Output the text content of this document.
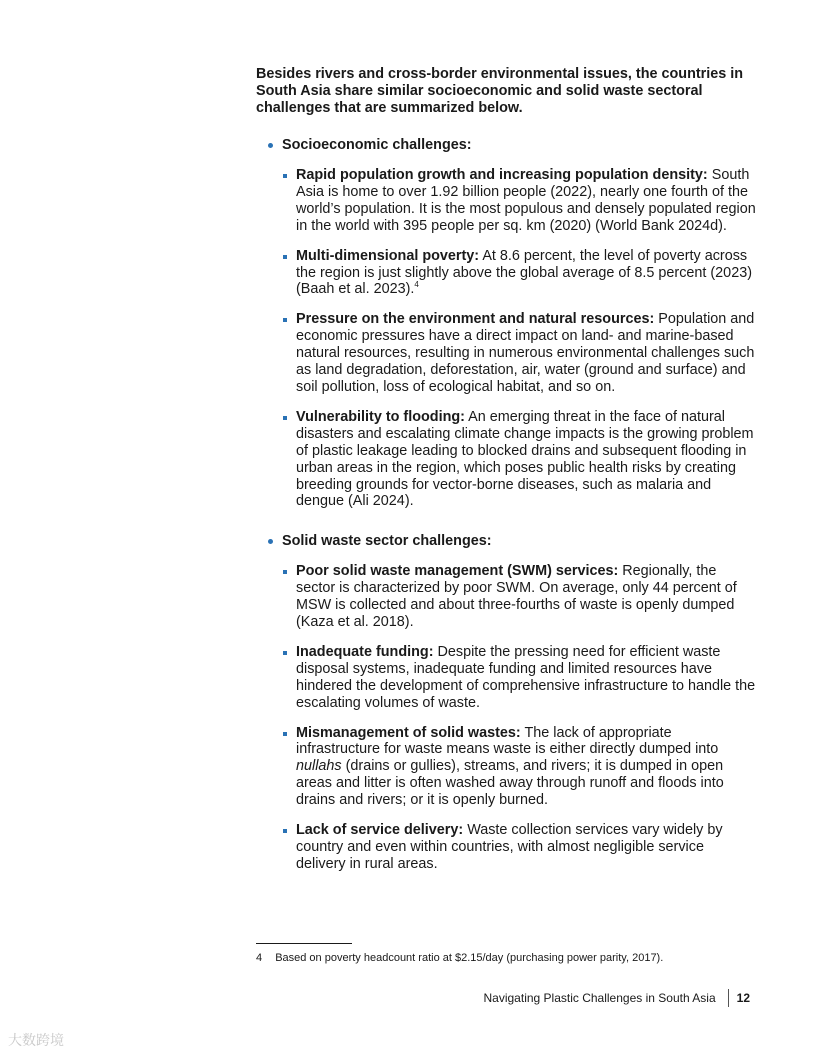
Besides rivers and cross-border environmental issues, the countries in South Asia share similar socioeconomic and solid waste sectoral challenges that are summarized below.

Socioeconomic challenges:
Rapid population growth and increasing population density: South Asia is home to over 1.92 billion people (2022), nearly one fourth of the world’s population. It is the most populous and densely populated region in the world with 395 people per sq. km (2020) (World Bank 2024d).
Multi-dimensional poverty: At 8.6 percent, the level of poverty across the region is just slightly above the global average of 8.5 percent (2023) (Baah et al. 2023).$^4$
Pressure on the environment and natural resources: Population and economic pressures have a direct impact on land- and marine-based natural resources, resulting in numerous environmental challenges such as land degradation, deforestation, air, water (ground and surface) and soil pollution, loss of ecological habitat, and so on.
Vulnerability to flooding: An emerging threat in the face of natural disasters and escalating climate change impacts is the growing problem of plastic leakage leading to blocked drains and subsequent flooding in urban areas in the region, which poses public health risks by creating breeding grounds for vector-borne diseases, such as malaria and dengue (Ali 2024).
Solid waste sector challenges:
Poor solid waste management (SWM) services: Regionally, the sector is characterized by poor SWM. On average, only 44 percent of MSW is collected and about three-fourths of waste is openly dumped (Kaza et al. 2018).
Inadequate funding: Despite the pressing need for efficient waste disposal systems, inadequate funding and limited resources have hindered the development of comprehensive infrastructure to handle the escalating volumes of waste.
Mismanagement of solid wastes: The lack of appropriate infrastructure for waste means waste is either directly dumped into nullahs (drains or gullies), streams, and rivers; it is dumped in open areas and litter is often washed away through runoff and floods into drains and rivers; or it is openly burned.
Lack of service delivery: Waste collection services vary widely by country and even within countries, with almost negligible service delivery in rural areas.
4 Based on poverty headcount ratio at $2.15/day (purchasing power parity, 2017).
Navigating Plastic Challenges in South Asia 12
大数跨境
